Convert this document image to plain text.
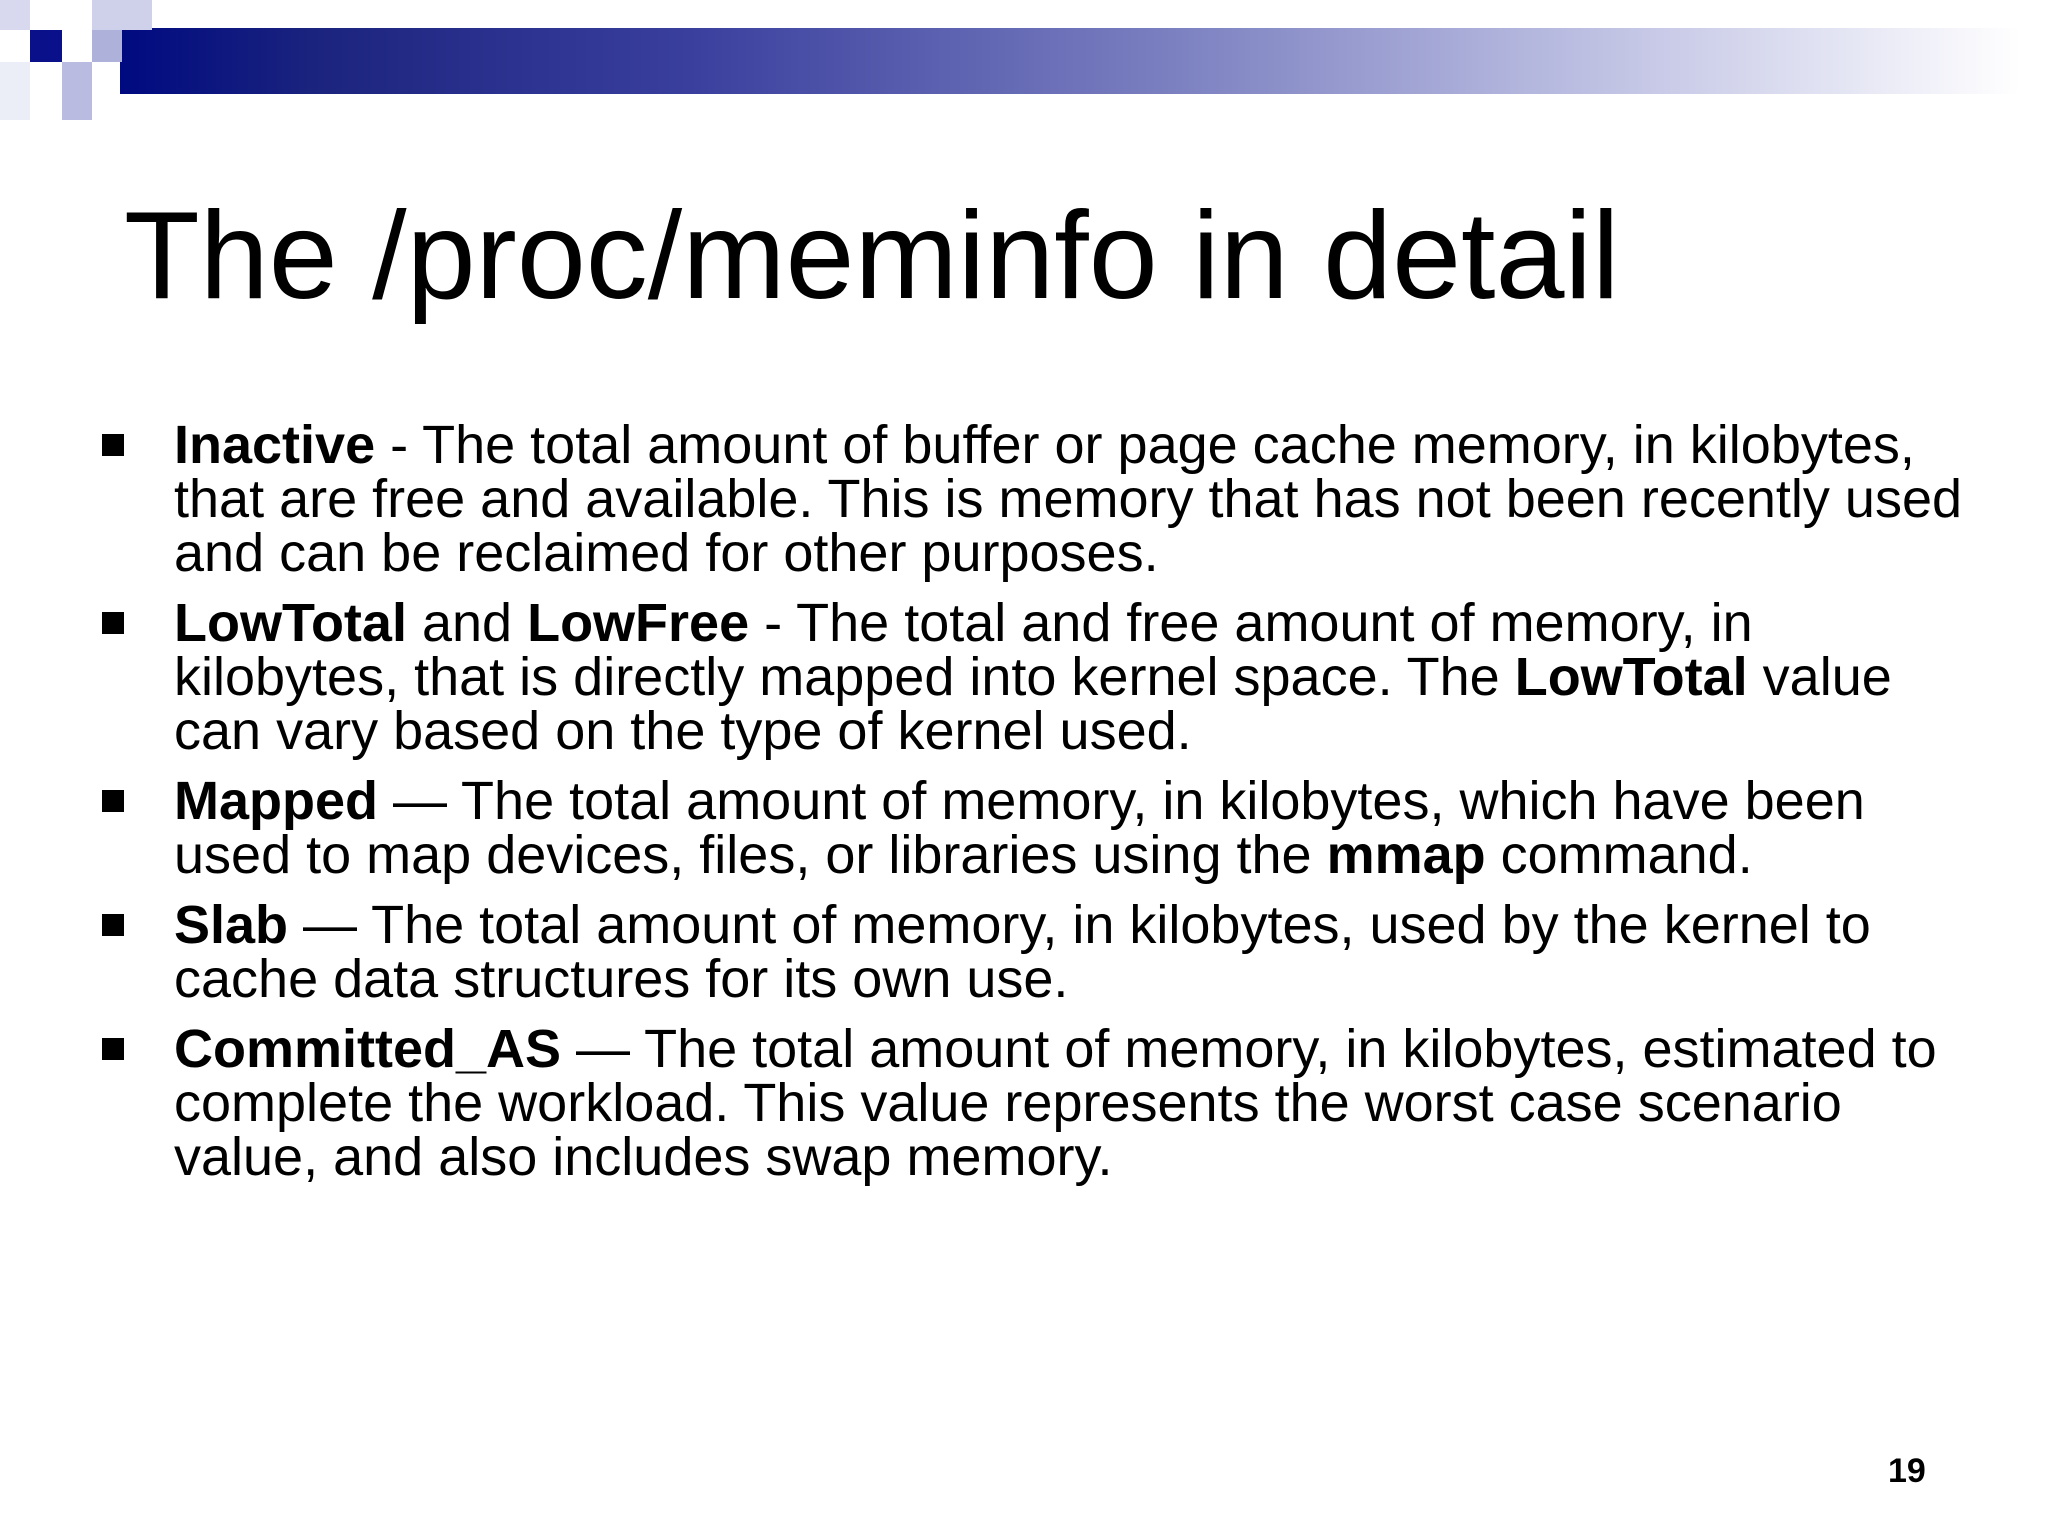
The /proc/meminfo in detail
Inactive - The total amount of buffer or page cache memory, in kilobytes, that are free and available. This is memory that has not been recently used and can be reclaimed for other purposes.
LowTotal and LowFree - The total and free amount of memory, in kilobytes, that is directly mapped into kernel space. The LowTotal value can vary based on the type of kernel used.
Mapped — The total amount of memory, in kilobytes, which have been used to map devices, files, or libraries using the mmap command.
Slab — The total amount of memory, in kilobytes, used by the kernel to cache data structures for its own use.
Committed_AS — The total amount of memory, in kilobytes, estimated to complete the workload. This value represents the worst case scenario value, and also includes swap memory.
19
